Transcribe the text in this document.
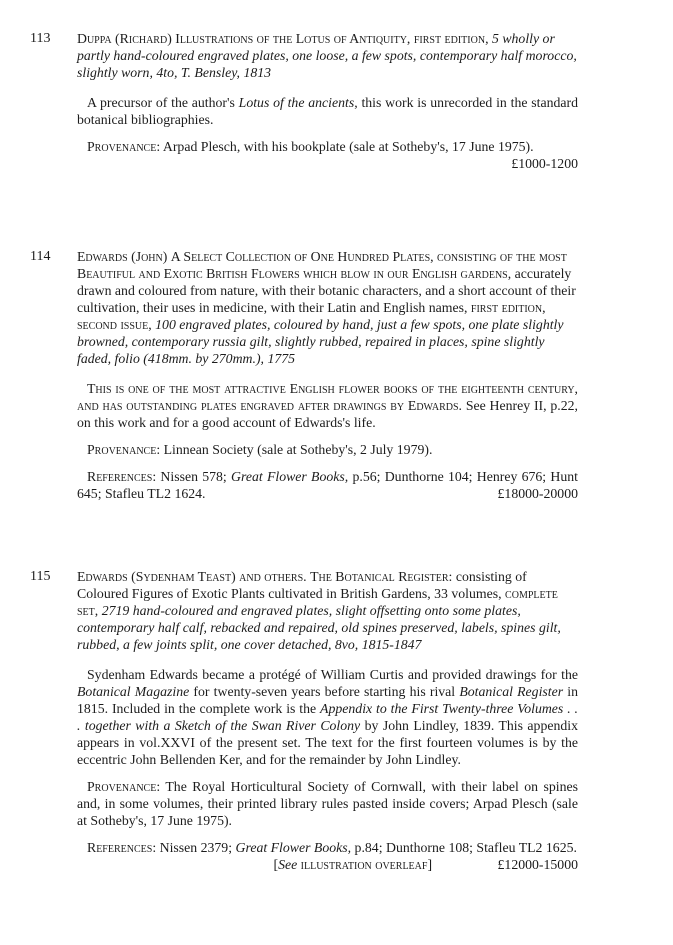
113 Duppa (Richard) Illustrations of the Lotus of Antiquity, first edition, 5 wholly or partly hand-coloured engraved plates, one loose, a few spots, contemporary half morocco, slightly worn, 4to, T. Bensley, 1813

A precursor of the author's Lotus of the ancients, this work is unrecorded in the standard botanical bibliographies.

Provenance: Arpad Plesch, with his bookplate (sale at Sotheby's, 17 June 1975).
£1000-1200

114 Edwards (John) A Select Collection of One Hundred Plates, consisting of the most Beautiful and Exotic British Flowers which blow in our English gardens, accurately drawn and coloured from nature, with their botanic characters, and a short account of their cultivation, their uses in medicine, with their Latin and English names, first edition, second issue, 100 engraved plates, coloured by hand, just a few spots, one plate slightly browned, contemporary russia gilt, slightly rubbed, repaired in places, spine slightly faded, folio (418mm. by 270mm.), 1775

This is one of the most attractive English flower books of the eighteenth century, and has outstanding plates engraved after drawings by Edwards. See Henrey II, p.22, on this work and for a good account of Edwards's life.

Provenance: Linnean Society (sale at Sotheby's, 2 July 1979).

References: Nissen 578; Great Flower Books, p.56; Dunthorne 104; Henrey 676; Hunt 645; Stafleu TL2 1624.	£18000-20000

115 Edwards (Sydenham Teast) and others. The Botanical Register: consisting of Coloured Figures of Exotic Plants cultivated in British Gardens, 33 volumes, complete set, 2719 hand-coloured and engraved plates, slight offsetting onto some plates, contemporary half calf, rebacked and repaired, old spines preserved, labels, spines gilt, rubbed, a few joints split, one cover detached, 8vo, 1815-1847

Sydenham Edwards became a protégé of William Curtis and provided drawings for the Botanical Magazine for twenty-seven years before starting his rival Botanical Register in 1815. Included in the complete work is the Appendix to the First Twenty-three Volumes . . . together with a Sketch of the Swan River Colony by John Lindley, 1839. This appendix appears in vol.XXVI of the present set. The text for the first fourteen volumes is by the eccentric John Bellenden Ker, and for the remainder by John Lindley.

Provenance: The Royal Horticultural Society of Cornwall, with their label on spines and, in some volumes, their printed library rules pasted inside covers; Arpad Plesch (sale at Sotheby's, 17 June 1975).

References: Nissen 2379; Great Flower Books, p.84; Dunthorne 108; Stafleu TL2 1625.

[See illustration overleaf]	£12000-15000
